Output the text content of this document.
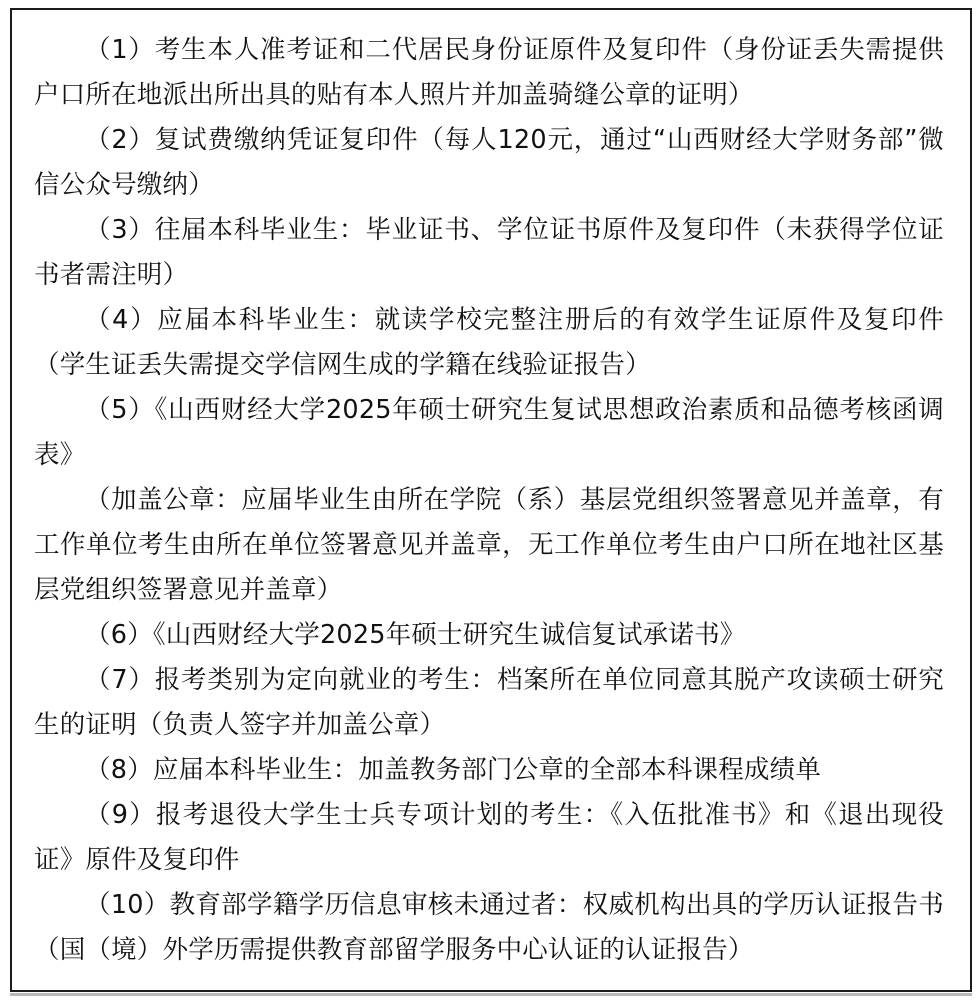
（1）考生本人准考证和二代居民身份证原件及复印件（身份证丢失需提供户口所在地派出所出具的贴有本人照片并加盖骑缝公章的证明）

（2）复试费缴纳凭证复印件（每人120元，通过“山西财经大学财务部”微信公众号缴纳）

（3）往届本科毕业生：毕业证书、学位证书原件及复印件（未获得学位证书者需注明）

（4）应届本科毕业生：就读学校完整注册后的有效学生证原件及复印件（学生证丢失需提交学信网生成的学籍在线验证报告）

（5）《山西财经大学2025年硕士研究生复试思想政治素质和品德考核函调表》

（加盖公章：应届毕业生由所在学院（系）基层党组织签署意见并盖章，有工作单位考生由所在单位签署意见并盖章，无工作单位考生由户口所在地社区基层党组织签署意见并盖章）

（6）《山西财经大学2025年硕士研究生诚信复试承诺书》

（7）报考类别为定向就业的考生：档案所在单位同意其脱产攻读硕士研究生的证明（负责人签字并加盖公章）

（8）应届本科毕业生：加盖教务部门公章的全部本科课程成绩单

（9）报考退役大学生士兵专项计划的考生：《入伍批准书》和《退出现役证》原件及复印件

（10）教育部学籍学历信息审核未通过者：权威机构出具的学历认证报告书（国（境）外学历需提供教育部留学服务中心认证的认证报告）
